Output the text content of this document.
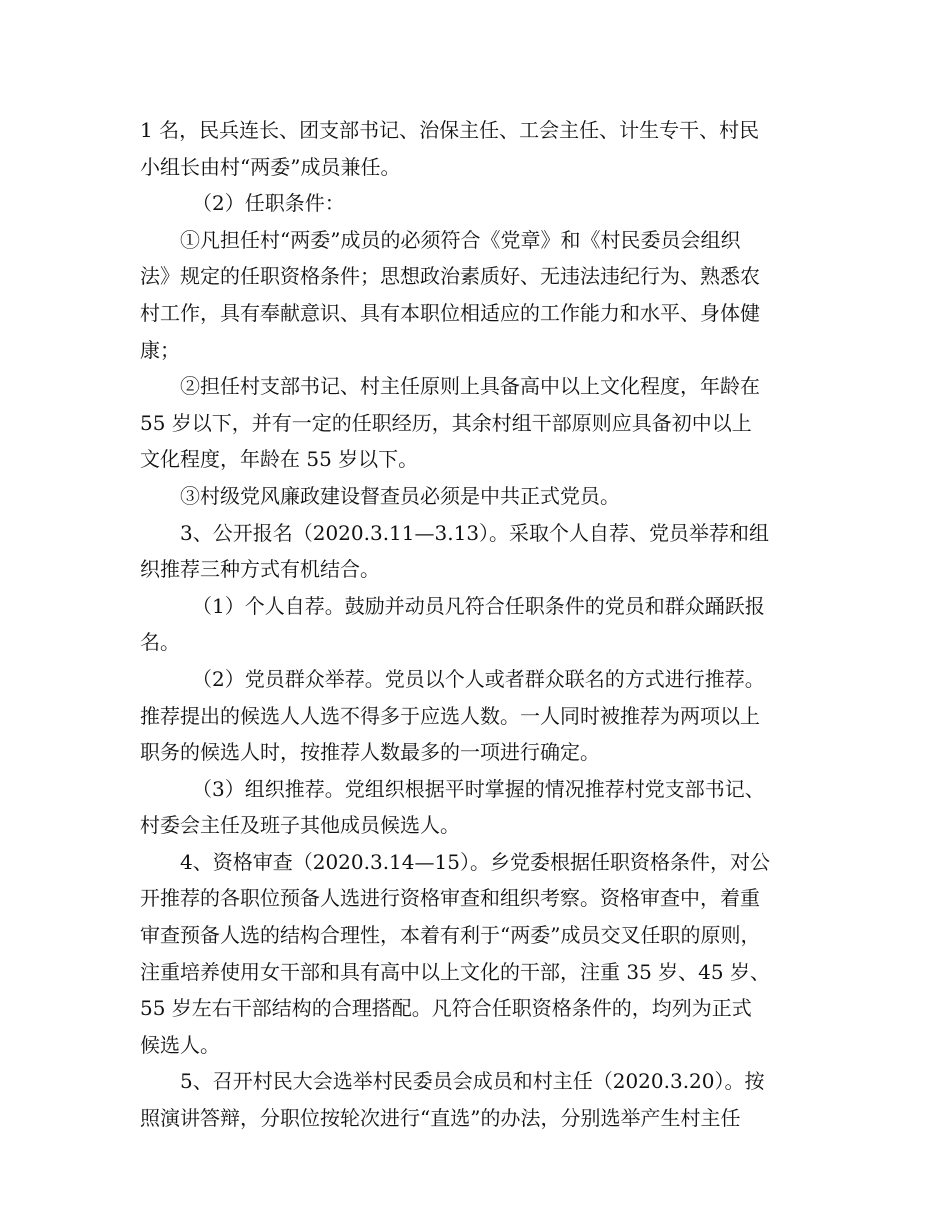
1 名，民兵连长、团支部书记、治保主任、工会主任、计生专干、村民
小组长由村“两委”成员兼任。
（2）任职条件：
①凡担任村“两委”成员的必须符合《党章》和《村民委员会组织
法》规定的任职资格条件；思想政治素质好、无违法违纪行为、熟悉农
村工作，具有奉献意识、具有本职位相适应的工作能力和水平、身体健
康；
②担任村支部书记、村主任原则上具备高中以上文化程度，年龄在
55 岁以下，并有一定的任职经历，其余村组干部原则应具备初中以上
文化程度，年龄在 55 岁以下。
③村级党风廉政建设督查员必须是中共正式党员。
3、公开报名（2020.3.11—3.13）。采取个人自荐、党员举荐和组
织推荐三种方式有机结合。
（1）个人自荐。鼓励并动员凡符合任职条件的党员和群众踊跃报
名。
（2）党员群众举荐。党员以个人或者群众联名的方式进行推荐。
推荐提出的候选人人选不得多于应选人数。一人同时被推荐为两项以上
职务的候选人时，按推荐人数最多的一项进行确定。
（3）组织推荐。党组织根据平时掌握的情况推荐村党支部书记、
村委会主任及班子其他成员候选人。
4、资格审查（2020.3.14—15）。乡党委根据任职资格条件，对公
开推荐的各职位预备人选进行资格审查和组织考察。资格审查中，着重
审查预备人选的结构合理性，本着有利于“两委”成员交叉任职的原则，
注重培养使用女干部和具有高中以上文化的干部，注重 35 岁、45 岁、
55 岁左右干部结构的合理搭配。凡符合任职资格条件的，均列为正式
候选人。
5、召开村民大会选举村民委员会成员和村主任（2020.3.20）。按
照演讲答辩，分职位按轮次进行“直选”的办法，分别选举产生村主任
